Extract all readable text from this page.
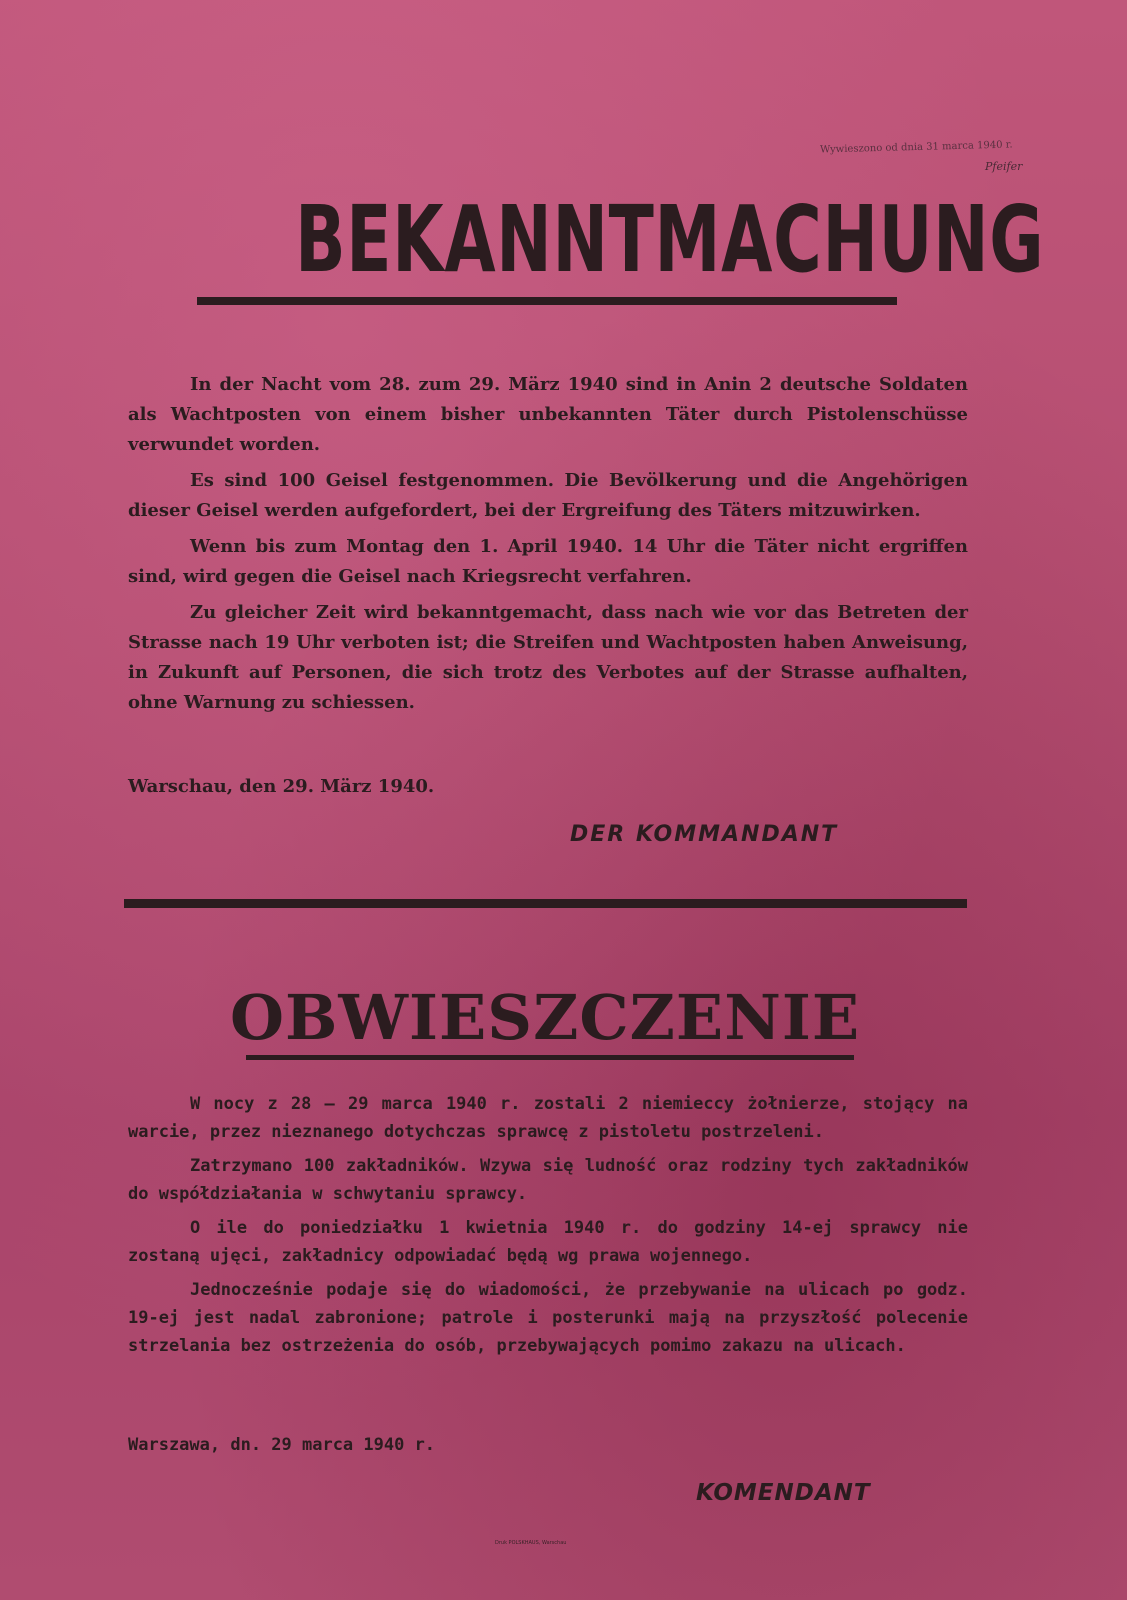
Wywieszono od dnia 31 marca 1940 r.
Pfeifer
BEKANNTMACHUNG

In der Nacht vom 28. zum 29. März 1940 sind in Anin 2 deutsche Soldaten als Wachtposten von einem bisher unbekannten Täter durch Pistolenschüsse verwundet worden.

Es sind 100 Geisel festgenommen. Die Bevölkerung und die Angehörigen dieser Geisel werden aufgefordert, bei der Ergreifung des Täters mitzuwirken.

Wenn bis zum Montag den 1. April 1940. 14 Uhr die Täter nicht ergriffen sind, wird gegen die Geisel nach Kriegsrecht verfahren.

Zu gleicher Zeit wird bekanntgemacht, dass nach wie vor das Betreten der Strasse nach 19 Uhr verboten ist; die Streifen und Wachtposten haben Anweisung, in Zukunft auf Personen, die sich trotz des Verbotes auf der Strasse aufhalten, ohne Warnung zu schiessen.

Warschau, den 29. März 1940.
DER KOMMANDANT
OBWIESZCZENIE

W nocy z 28 — 29 marca 1940 r. zostali 2 niemieccy żołnierze, stojący na warcie, przez nieznanego dotychczas sprawcę z pistoletu postrzeleni.

Zatrzymano 100 zakładników. Wzywa się ludność oraz rodziny tych zakładników do współdziałania w schwytaniu sprawcy.

O ile do poniedziałku 1 kwietnia 1940 r. do godziny 14-ej sprawcy nie zostaną ujęci, zakładnicy odpowiadać będą wg prawa wojennego.

Jednocześnie podaje się do wiadomości, że przebywanie na ulicach po godz. 19-ej jest nadal zabronione; patrole i posterunki mają na przyszłość polecenie strzelania bez ostrzeżenia do osób, przebywających pomimo zakazu na ulicach.

Warszawa, dn. 29 marca 1940 r.
KOMENDANT
Druk POLSKHAUS, Warschau
